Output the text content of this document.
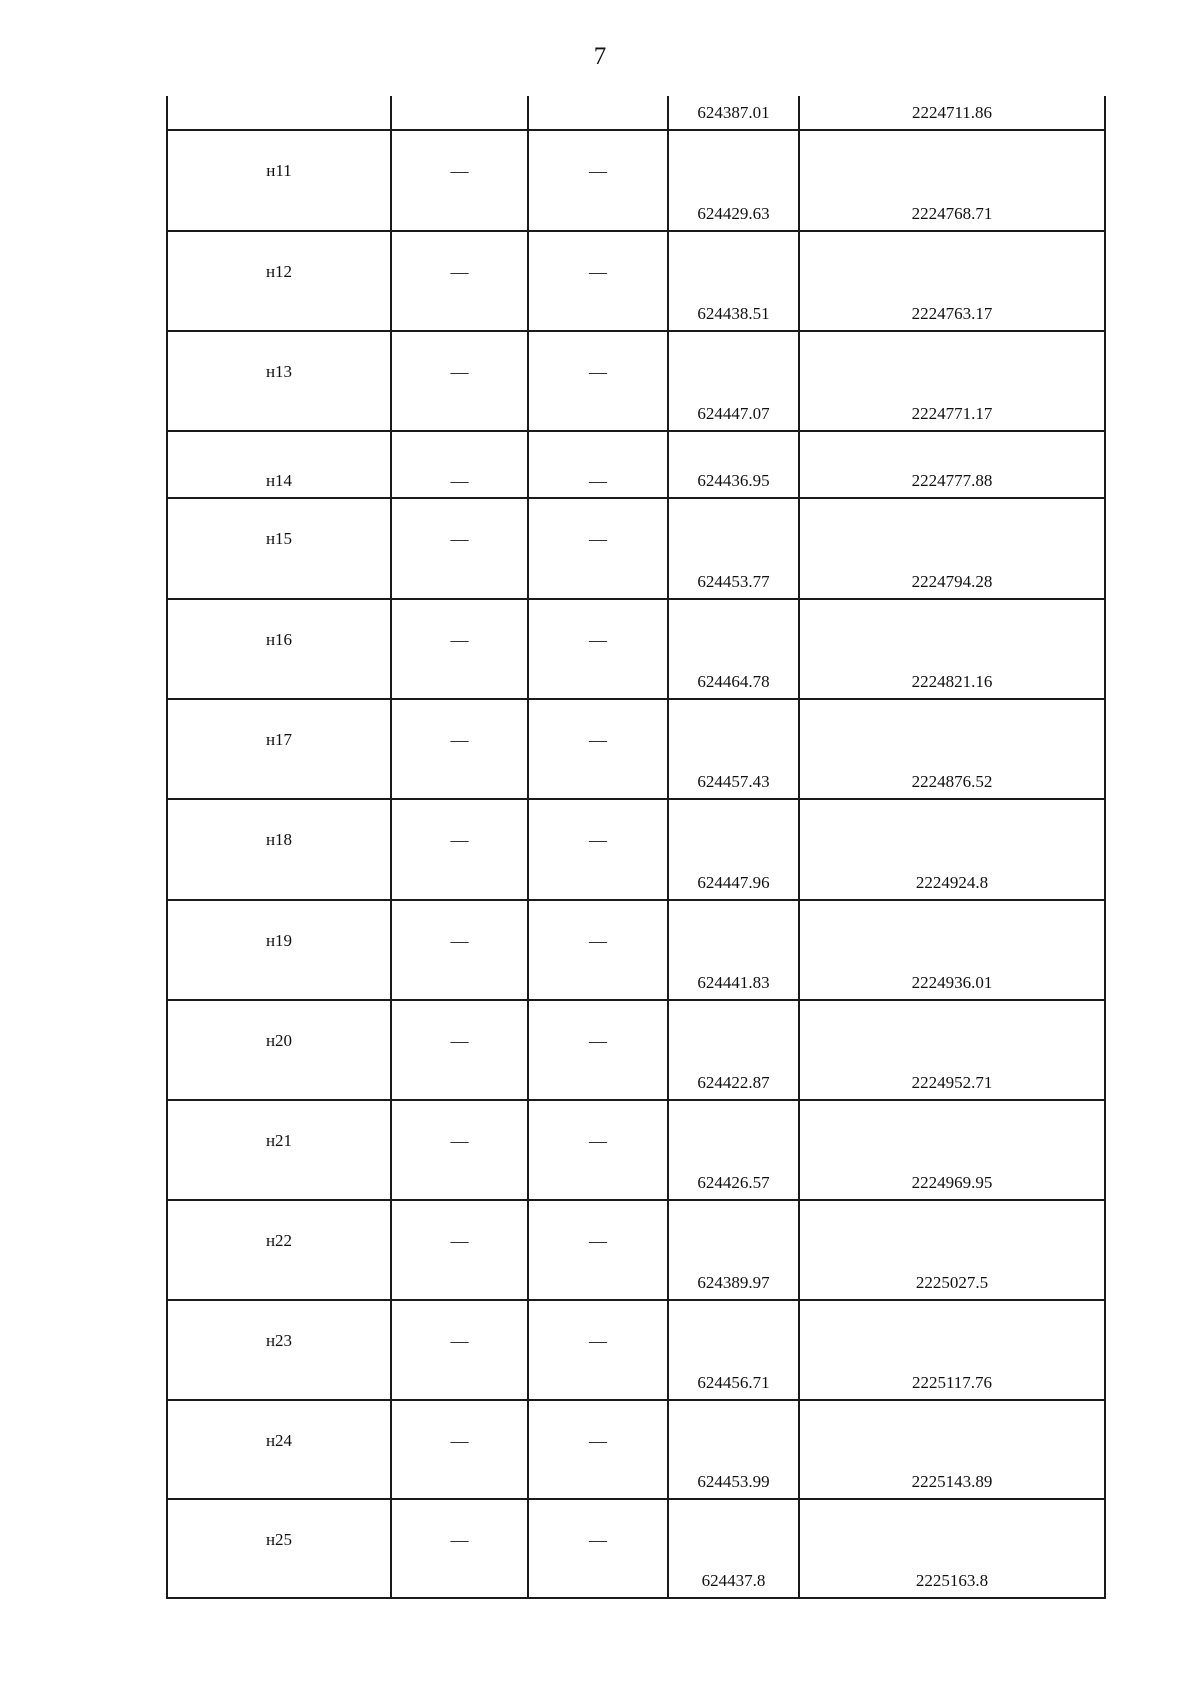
7

			624387.01	2224711.86

н11	—	—	624429.63	2224768.71

н12	—	—	624438.51	2224763.17

н13	—	—	624447.07	2224771.17

н14	—	—	624436.95	2224777.88

н15	—	—	624453.77	2224794.28

н16	—	—	624464.78	2224821.16

н17	—	—	624457.43	2224876.52

н18	—	—	624447.96	2224924.8

н19	—	—	624441.83	2224936.01

н20	—	—	624422.87	2224952.71

н21	—	—	624426.57	2224969.95

н22	—	—	624389.97	2225027.5

н23	—	—	624456.71	2225117.76

н24	—	—	624453.99	2225143.89

н25	—	—	624437.8	2225163.8
